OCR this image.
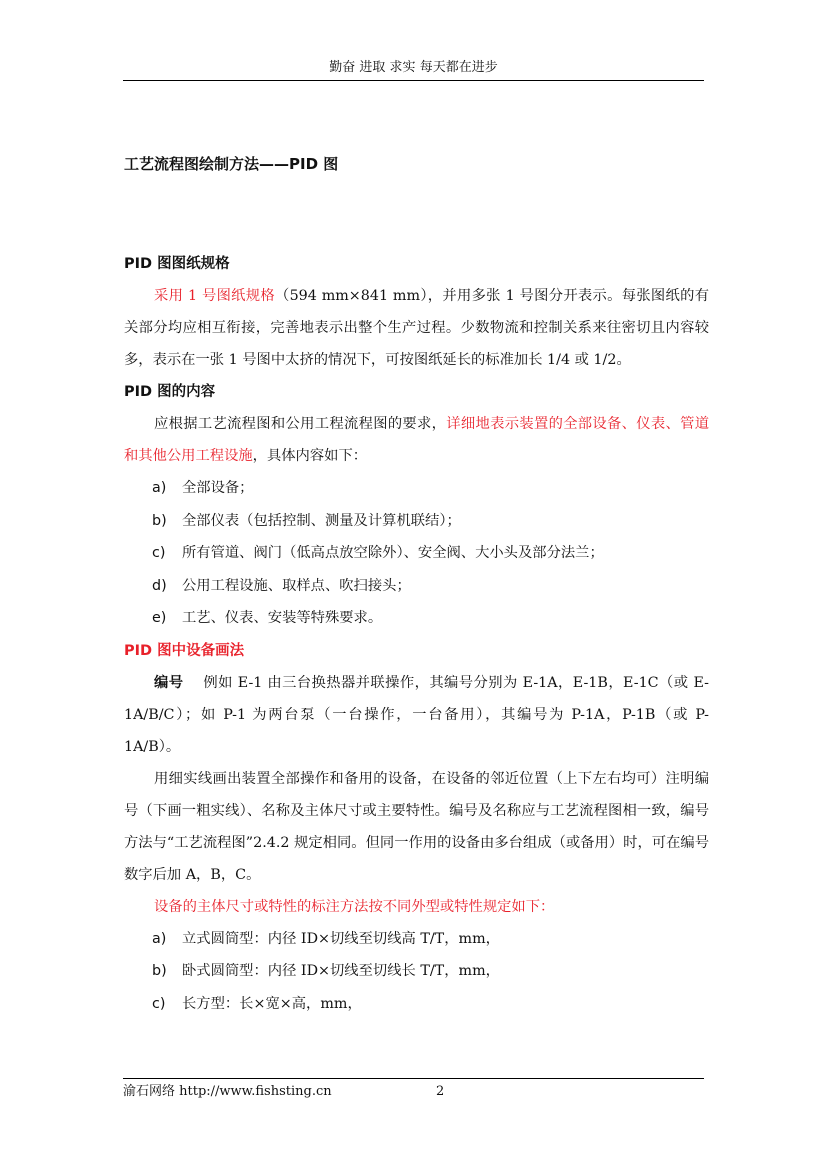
勤奋 进取 求实 每天都在进步

工艺流程图绘制方法——PID 图

PID 图图纸规格

采用 1 号图纸规格（594 mm×841 mm），并用多张 1 号图分开表示。每张图纸的有关部分均应相互衔接，完善地表示出整个生产过程。少数物流和控制关系来往密切且内容较多，表示在一张 1 号图中太挤的情况下，可按图纸延长的标准加长 1/4 或 1/2。

PID 图的内容

应根据工艺流程图和公用工程流程图的要求，详细地表示装置的全部设备、仪表、管道和其他公用工程设施，具体内容如下：

a) 全部设备；

b) 全部仪表（包括控制、测量及计算机联结）；

c) 所有管道、阀门（低高点放空除外）、安全阀、大小头及部分法兰；

d) 公用工程设施、取样点、吹扫接头；

e) 工艺、仪表、安装等特殊要求。

PID 图中设备画法

编号 例如 E-1 由三台换热器并联操作，其编号分别为 E-1A，E-1B，E-1C（或 E-1A/B/C）；如 P-1 为两台泵（一台操作，一台备用），其编号为 P-1A，P-1B（或 P-1A/B）。

用细实线画出装置全部操作和备用的设备，在设备的邻近位置（上下左右均可）注明编号（下画一粗实线）、名称及主体尺寸或主要特性。编号及名称应与工艺流程图相一致，编号方法与“工艺流程图”2.4.2 规定相同。但同一作用的设备由多台组成（或备用）时，可在编号数字后加 A，B，C。

设备的主体尺寸或特性的标注方法按不同外型或特性规定如下：

a) 立式圆筒型：内径 ID×切线至切线高 T/T，mm，

b) 卧式圆筒型：内径 ID×切线至切线长 T/T，mm，

c) 长方型：长×宽×高，mm，

渝石网络 http://www.fishsting.cn	2
